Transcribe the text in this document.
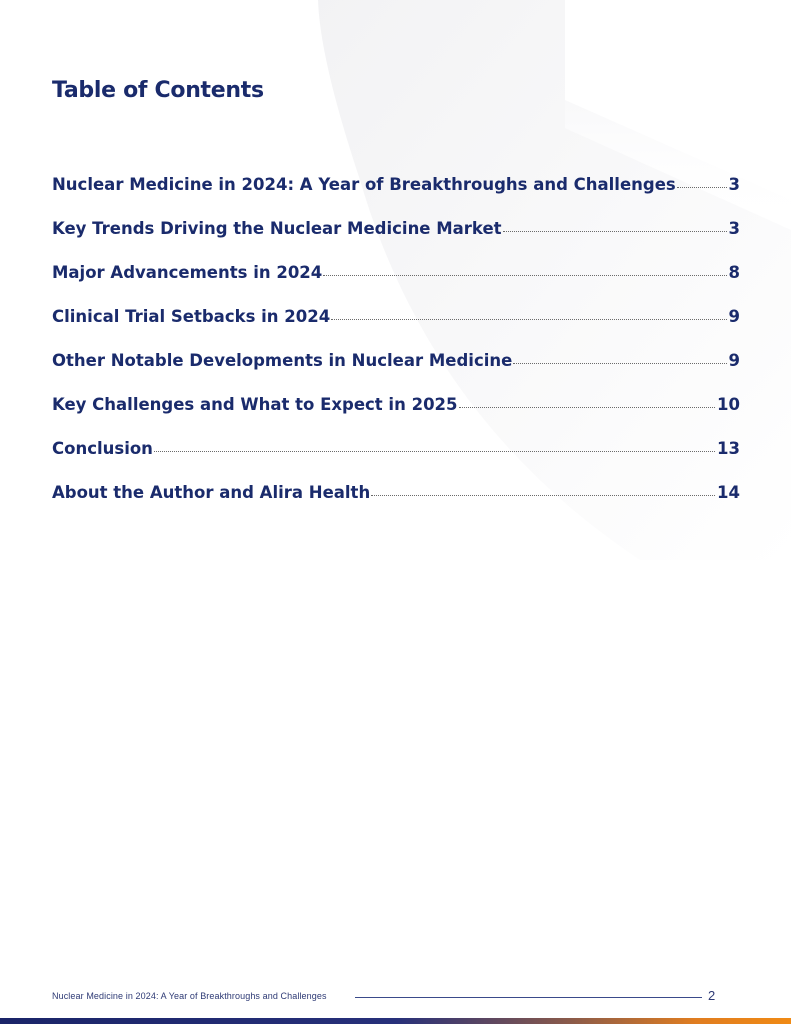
Table of Contents
Nuclear Medicine in 2024: A Year of Breakthroughs and Challenges	3
Key Trends Driving the Nuclear Medicine Market	3
Major Advancements in 2024	8
Clinical Trial Setbacks in 2024	9
Other Notable Developments in Nuclear Medicine	9
Key Challenges and What to Expect in 2025	10
Conclusion	13
About the Author and Alira Health	14
Nuclear Medicine in 2024: A Year of Breakthroughs and Challenges	2
